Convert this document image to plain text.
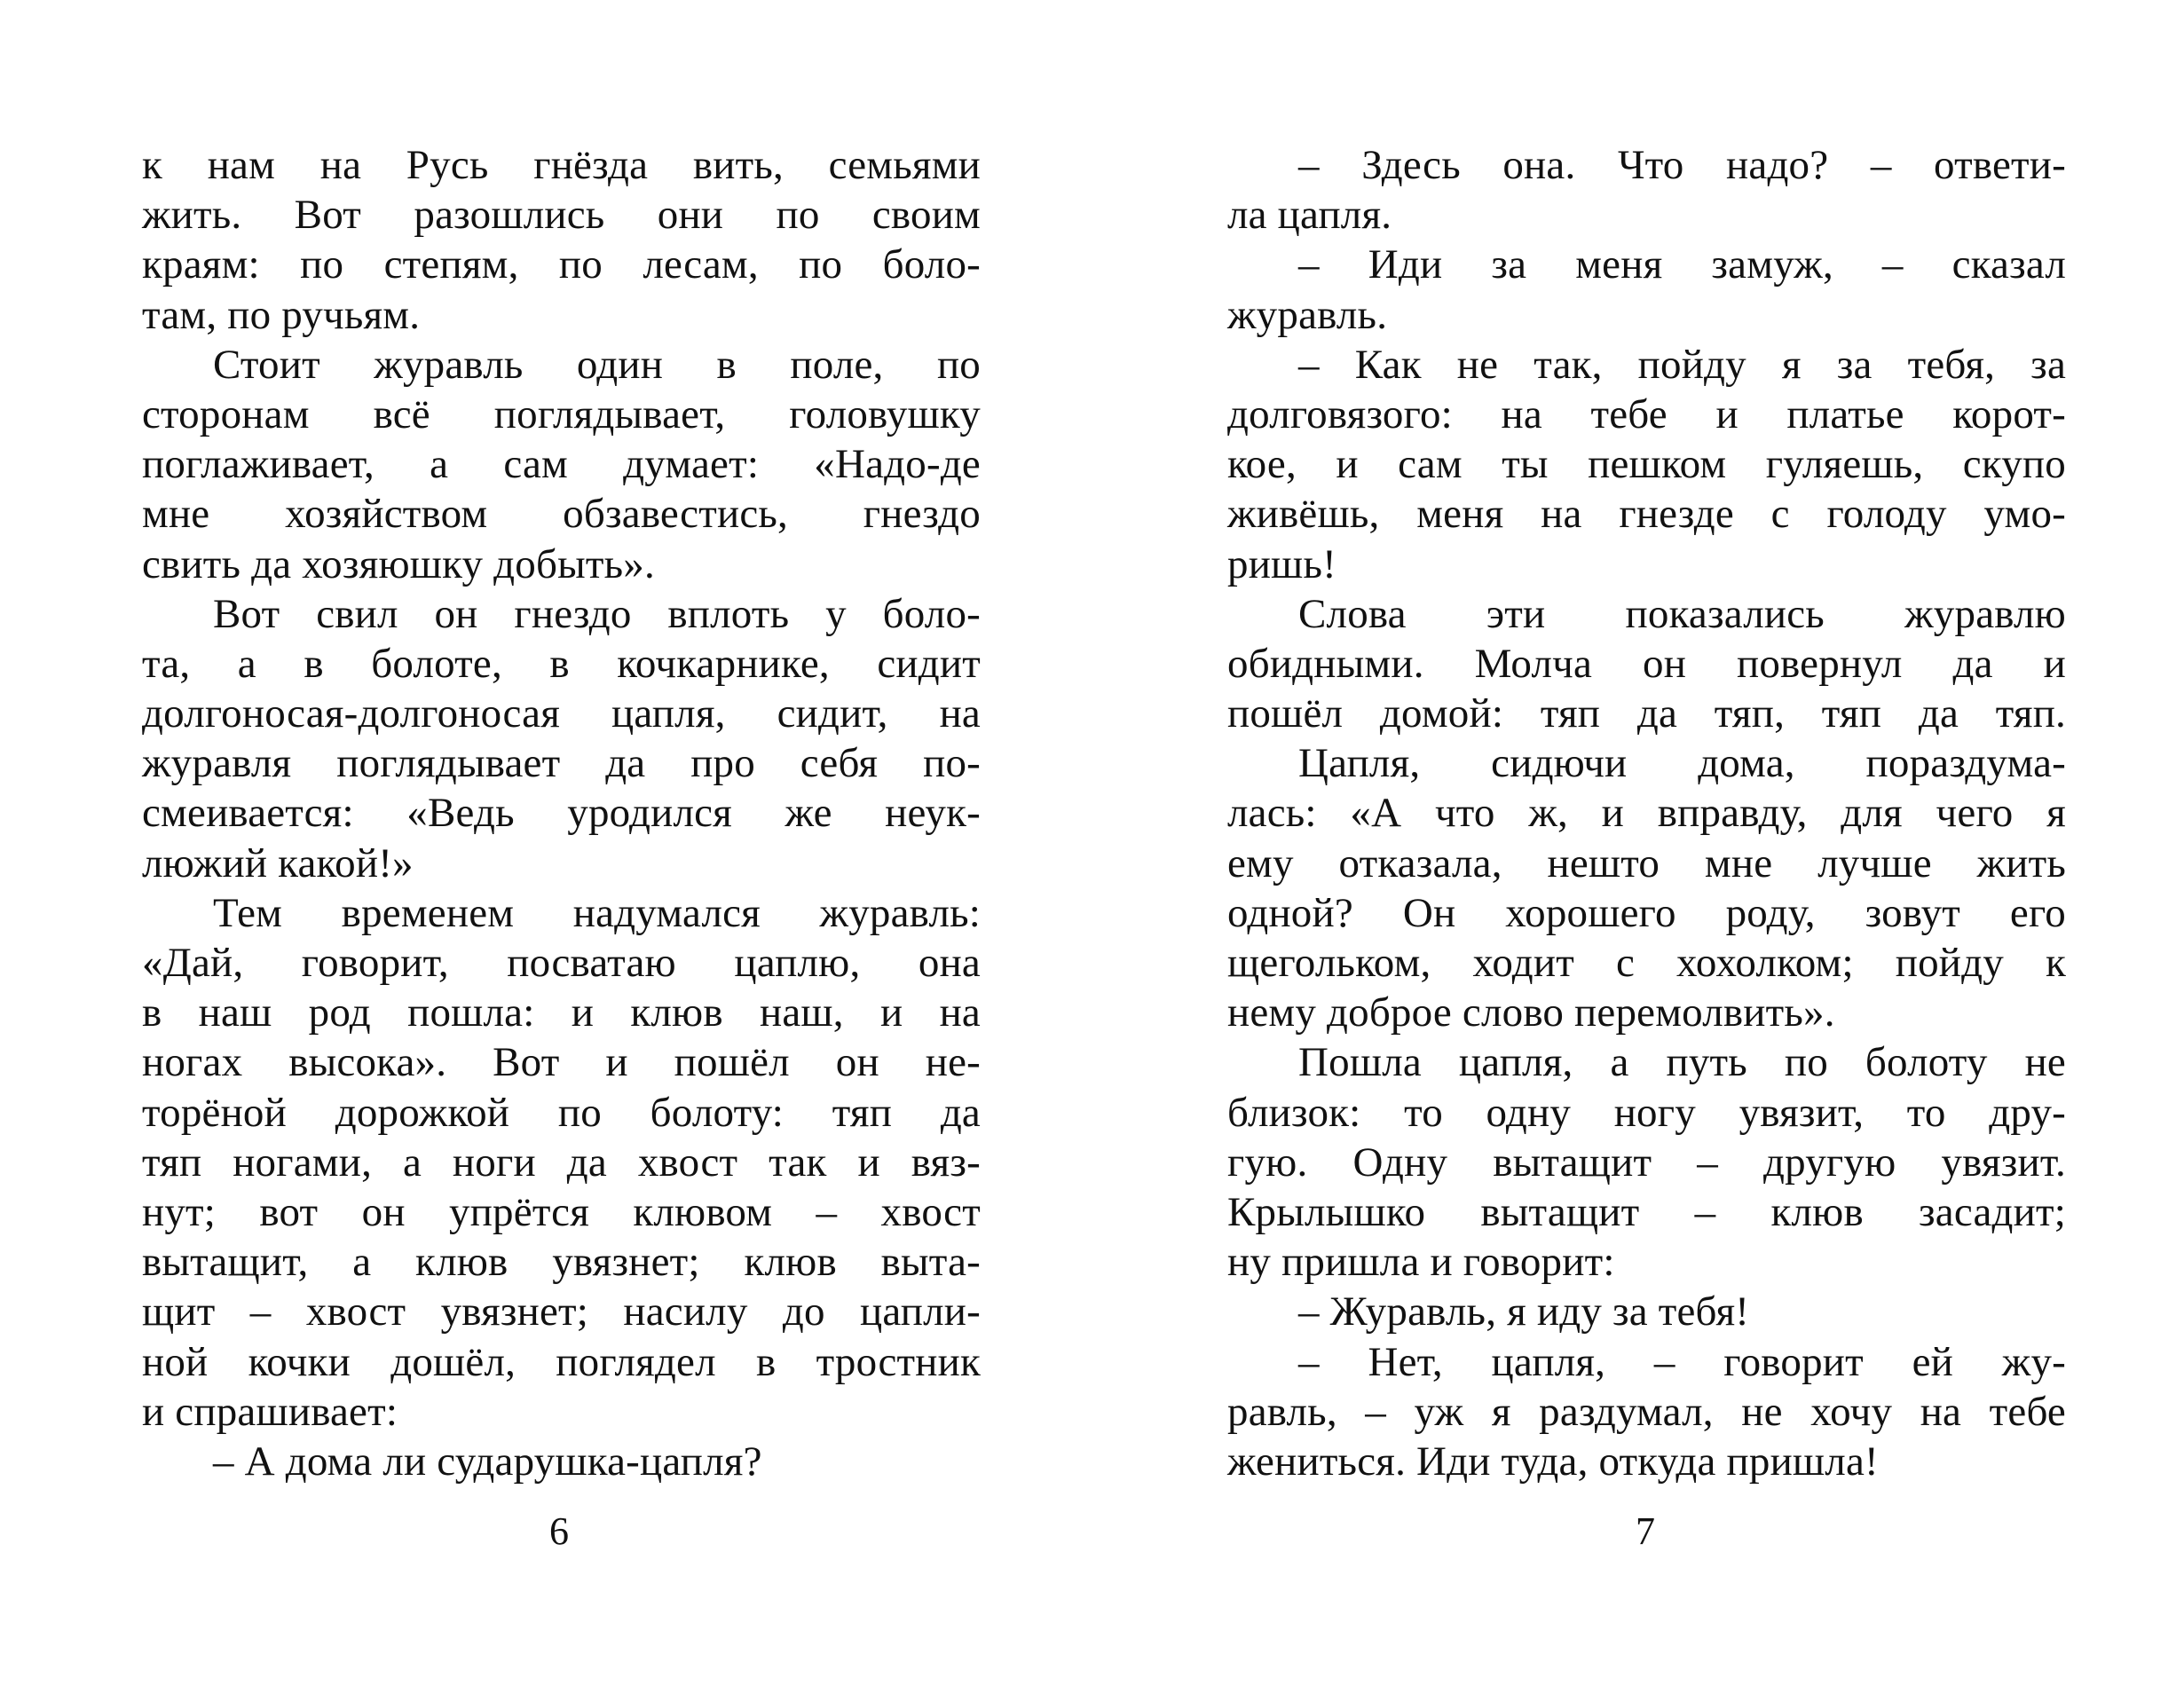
к нам на Русь гнёзда вить, семьями
жить. Вот разошлись они по своим
краям: по степям, по лесам, по боло-
там, по ручьям.
Стоит журавль один в поле, по
сторонам всё поглядывает, головушку
поглаживает, а сам думает: «Надо-де
мне хозяйством обзавестись, гнездо
свить да хозяюшку добыть».
Вот свил он гнездо вплоть у боло-
та, а в болоте, в кочкарнике, сидит
долгоносая-долгоносая цапля, сидит, на
журавля поглядывает да про себя по-
смеивается: «Ведь уродился же неук-
люжий какой!»
Тем временем надумался журавль:
«Дай, говорит, посватаю цаплю, она
в наш род пошла: и клюв наш, и на
ногах высока». Вот и пошёл он не-
торёной дорожкой по болоту: тяп да
тяп ногами, а ноги да хвост так и вяз-
нут; вот он упрётся клювом – хвост
вытащит, а клюв увязнет; клюв выта-
щит – хвост увязнет; насилу до цапли-
ной кочки дошёл, поглядел в тростник
и спрашивает:
– А дома ли сударушка-цапля?
6
– Здесь она. Что надо? – ответи-
ла цапля.
– Иди за меня замуж, – сказал
журавль.
– Как не так, пойду я за тебя, за
долговязого: на тебе и платье корот-
кое, и сам ты пешком гуляешь, скупо
живёшь, меня на гнезде с голоду умо-
ришь!
Слова эти показались журавлю
обидными. Молча он повернул да и
пошёл домой: тяп да тяп, тяп да тяп.
Цапля, сидючи дома, пораздума-
лась: «А что ж, и вправду, для чего я
ему отказала, нешто мне лучше жить
одной? Он хорошего роду, зовут его
щегольком, ходит с хохолком; пойду к
нему доброе слово перемолвить».
Пошла цапля, а путь по болоту не
близок: то одну ногу увязит, то дру-
гую. Одну вытащит – другую увязит.
Крылышко вытащит – клюв засадит;
ну пришла и говорит:
– Журавль, я иду за тебя!
– Нет, цапля, – говорит ей жу-
равль, – уж я раздумал, не хочу на тебе
жениться. Иди туда, откуда пришла!
7
